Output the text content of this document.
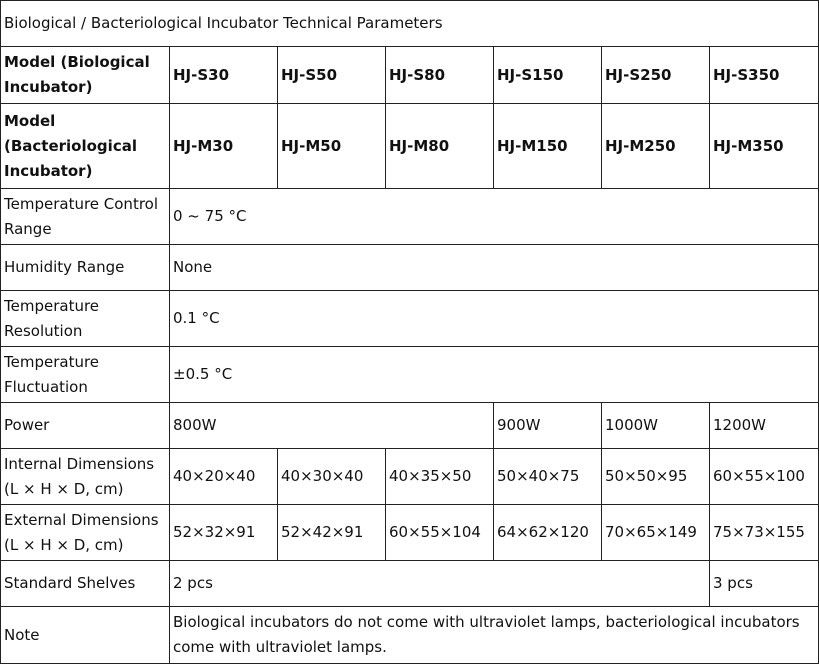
Biological / Bacteriological Incubator Technical Parameters						
Model (Biological Incubator)	HJ-S30	HJ-S50	HJ-S80	HJ-S150	HJ-S250	HJ-S350
Model (Bacteriological Incubator)	HJ-M30	HJ-M50	HJ-M80	HJ-M150	HJ-M250	HJ-M350
Temperature Control Range	0 ~ 75 °C					
Humidity Range	None					
Temperature Resolution	0.1 °C					
Temperature Fluctuation	±0.5 °C					
Power	800W			900W	1000W	1200W
Internal Dimensions (L × H × D, cm)	40×20×40	40×30×40	40×35×50	50×40×75	50×50×95	60×55×100
External Dimensions (L × H × D, cm)	52×32×91	52×42×91	60×55×104	64×62×120	70×65×149	75×73×155
Standard Shelves	2 pcs					3 pcs
Note	Biological incubators do not come with ultraviolet lamps, bacteriological incubators come with ultraviolet lamps.					
